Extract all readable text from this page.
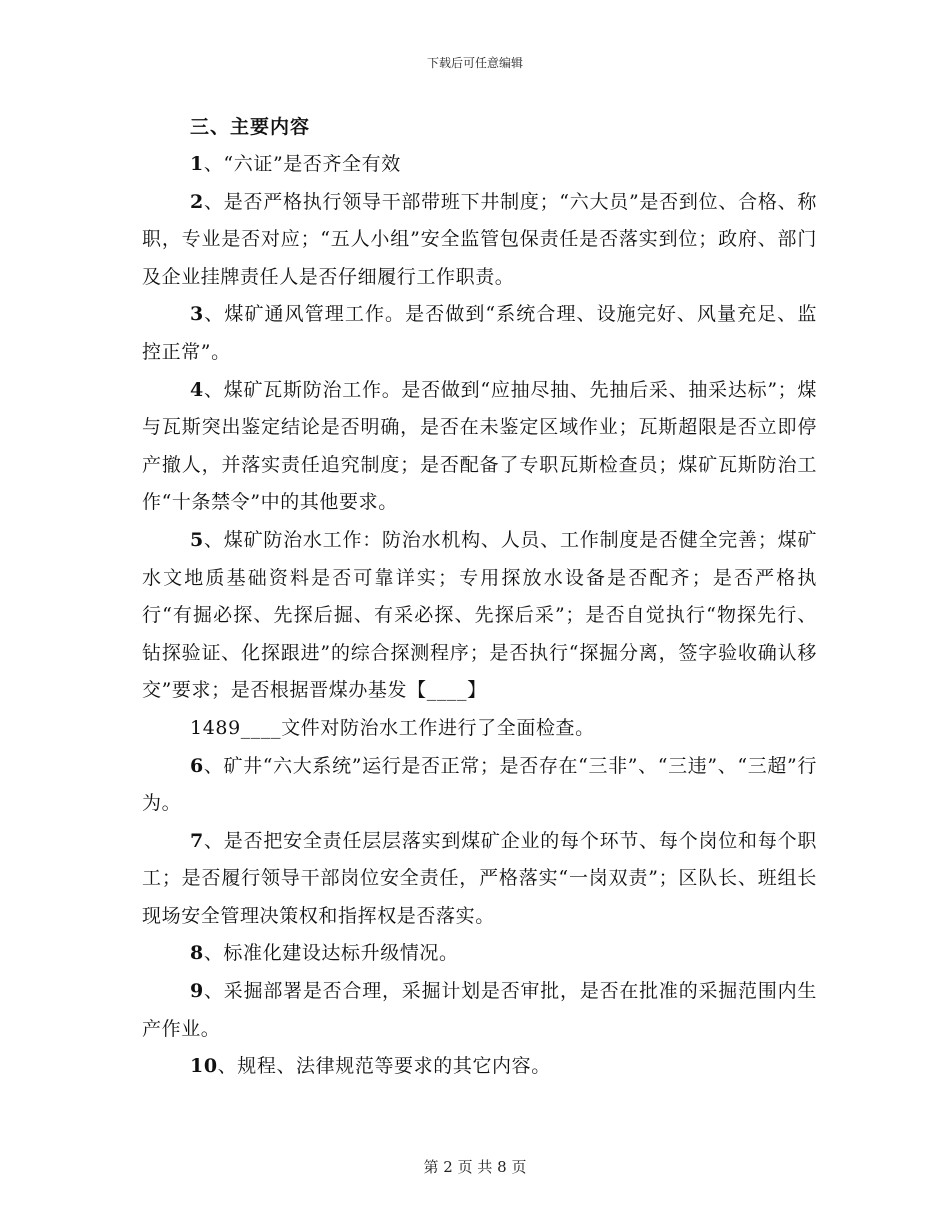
下载后可任意编辑
三、主要内容

1、“六证”是否齐全有效

2、是否严格执行领导干部带班下井制度；“六大员”是否到位、合格、称职，专业是否对应；“五人小组”安全监管包保责任是否落实到位；政府、部门及企业挂牌责任人是否仔细履行工作职责。

3、煤矿通风管理工作。是否做到“系统合理、设施完好、风量充足、监控正常”。

4、煤矿瓦斯防治工作。是否做到“应抽尽抽、先抽后采、抽采达标”；煤与瓦斯突出鉴定结论是否明确，是否在未鉴定区域作业；瓦斯超限是否立即停产撤人，并落实责任追究制度；是否配备了专职瓦斯检查员；煤矿瓦斯防治工作“十条禁令”中的其他要求。

5、煤矿防治水工作：防治水机构、人员、工作制度是否健全完善；煤矿水文地质基础资料是否可靠详实；专用探放水设备是否配齐；是否严格执行“有掘必探、先探后掘、有采必探、先探后采”；是否自觉执行“物探先行、钻探验证、化探跟进”的综合探测程序；是否执行“探掘分离，签字验收确认移交”要求；是否根据晋煤办基发【____】

1489____文件对防治水工作进行了全面检查。

6、矿井“六大系统”运行是否正常；是否存在“三非”、“三违”、“三超”行为。

7、是否把安全责任层层落实到煤矿企业的每个环节、每个岗位和每个职工；是否履行领导干部岗位安全责任，严格落实“一岗双责”；区队长、班组长现场安全管理决策权和指挥权是否落实。

8、标准化建设达标升级情况。

9、采掘部署是否合理，采掘计划是否审批，是否在批准的采掘范围内生产作业。

10、规程、法律规范等要求的其它内容。

第 2 页 共 8 页
